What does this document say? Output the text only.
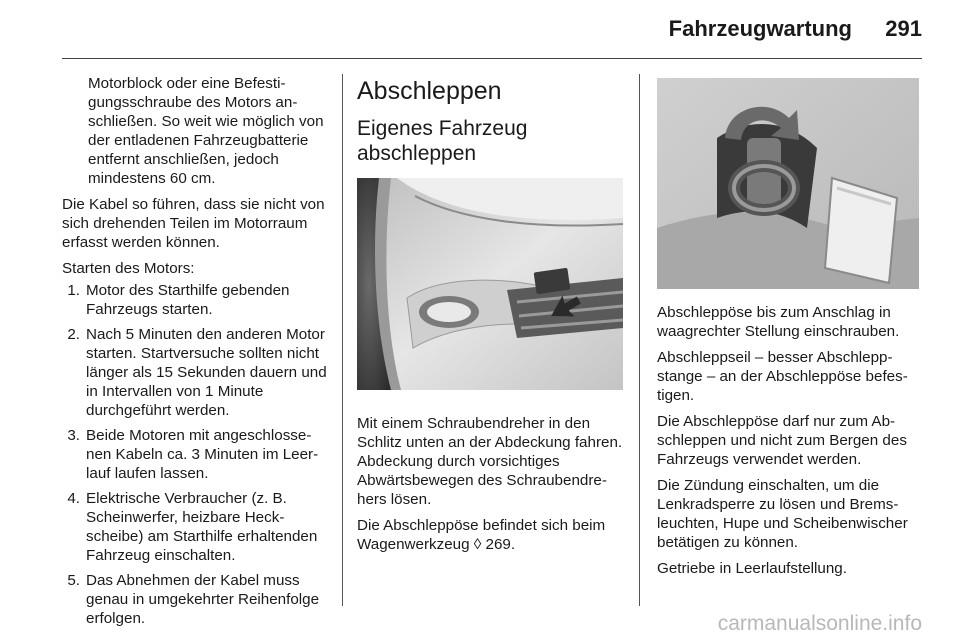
Fahrzeugwartung 291

Motorblock oder eine Befestigungsschraube des Motors anschließen. So weit wie möglich von der entladenen Fahrzeugbatterie entfernt anschließen, jedoch mindestens 60 cm.

Die Kabel so führen, dass sie nicht von sich drehenden Teilen im Motorraum erfasst werden können.

Starten des Motors:

1. Motor des Starthilfe gebenden Fahrzeugs starten.
2. Nach 5 Minuten den anderen Motor starten. Startversuche sollten nicht länger als 15 Sekunden dauern und in Intervallen von 1 Minute durchgeführt werden.
3. Beide Motoren mit angeschlossenen Kabeln ca. 3 Minuten im Leerlauf laufen lassen.
4. Elektrische Verbraucher (z. B. Scheinwerfer, heizbare Heckscheibe) am Starthilfe erhaltenden Fahrzeug einschalten.
5. Das Abnehmen der Kabel muss genau in umgekehrter Reihenfolge erfolgen.
Abschleppen
Eigenes Fahrzeug abschleppen

Mit einem Schraubendreher in den Schlitz unten an der Abdeckung fahren. Abdeckung durch vorsichtiges Abwärtsbewegen des Schraubendrehers lösen.

Die Abschleppöse befindet sich beim Wagenwerkzeug ◊ 269.

Abschleppöse bis zum Anschlag in waagrechter Stellung einschrauben.

Abschleppseil – besser Abschleppstange – an der Abschleppöse befestigen.

Die Abschleppöse darf nur zum Abschleppen und nicht zum Bergen des Fahrzeugs verwendet werden.

Die Zündung einschalten, um die Lenkradsperre zu lösen und Bremsleuchten, Hupe und Scheibenwischer betätigen zu können.

Getriebe in Leerlaufstellung.

carmanualsonline.info
